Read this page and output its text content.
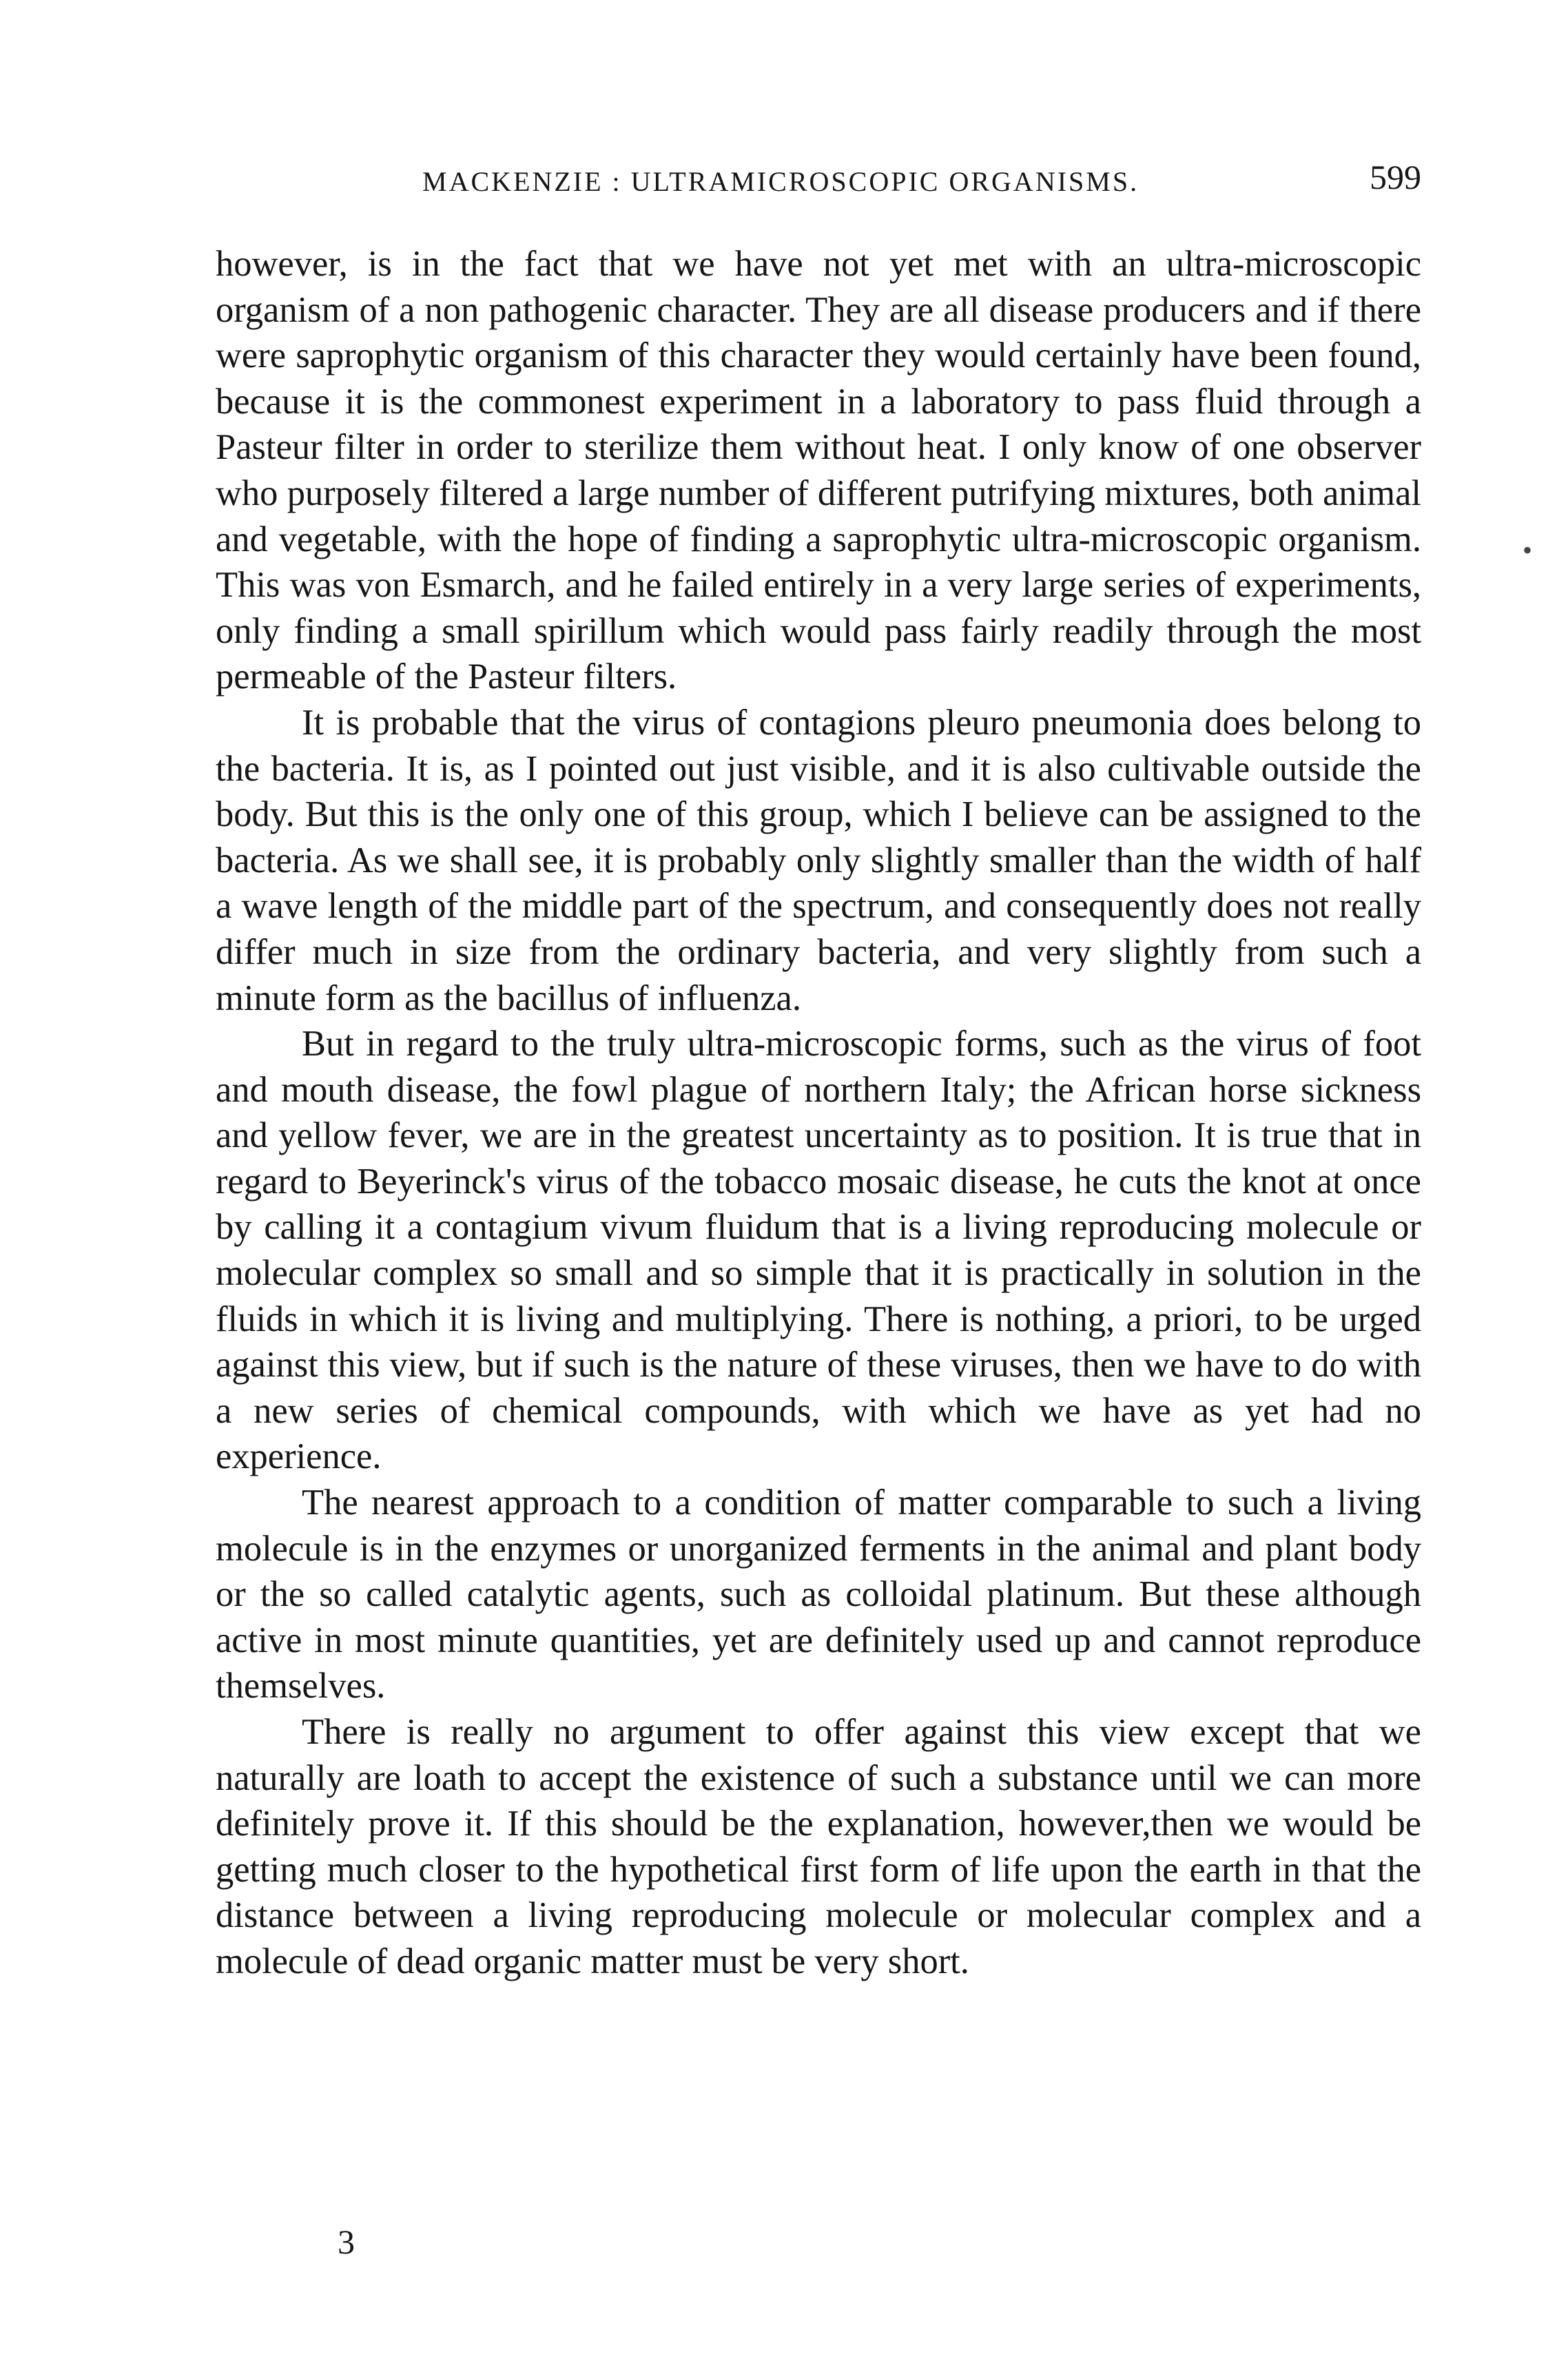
MACKENZIE : ULTRAMICROSCOPIC ORGANISMS.	599

however, is in the fact that we have not yet met with an ultra-microscopic organism of a non pathogenic character. They are all disease producers and if there were saprophytic organism of this character they would certainly have been found, because it is the commonest experiment in a laboratory to pass fluid through a Pasteur filter in order to sterilize them without heat. I only know of one observer who purposely filtered a large number of different putrifying mixtures, both animal and vegetable, with the hope of finding a saprophytic ultra-microscopic organism. This was von Esmarch, and he failed entirely in a very large series of experiments, only finding a small spirillum which would pass fairly readily through the most permeable of the Pasteur filters.

It is probable that the virus of contagions pleuro pneumonia does belong to the bacteria. It is, as I pointed out just visible, and it is also cultivable outside the body. But this is the only one of this group, which I believe can be assigned to the bacteria. As we shall see, it is probably only slightly smaller than the width of half a wave length of the middle part of the spectrum, and consequently does not really differ much in size from the ordinary bacteria, and very slightly from such a minute form as the bacillus of influenza.

But in regard to the truly ultra-microscopic forms, such as the virus of foot and mouth disease, the fowl plague of northern Italy; the African horse sickness and yellow fever, we are in the greatest uncertainty as to position. It is true that in regard to Beyerinck's virus of the tobacco mosaic disease, he cuts the knot at once by calling it a contagium vivum fluidum that is a living reproducing molecule or molecular complex so small and so simple that it is practically in solution in the fluids in which it is living and multiplying. There is nothing, a priori, to be urged against this view, but if such is the nature of these viruses, then we have to do with a new series of chemical compounds, with which we have as yet had no experience.

The nearest approach to a condition of matter comparable to such a living molecule is in the enzymes or unorganized ferments in the animal and plant body or the so called catalytic agents, such as colloidal platinum. But these although active in most minute quantities, yet are definitely used up and cannot reproduce themselves.

There is really no argument to offer against this view except that we naturally are loath to accept the existence of such a substance until we can more definitely prove it. If this should be the explanation, however,then we would be getting much closer to the hypothetical first form of life upon the earth in that the distance between a living reproducing molecule or molecular complex and a molecule of dead organic matter must be very short.

3
•
